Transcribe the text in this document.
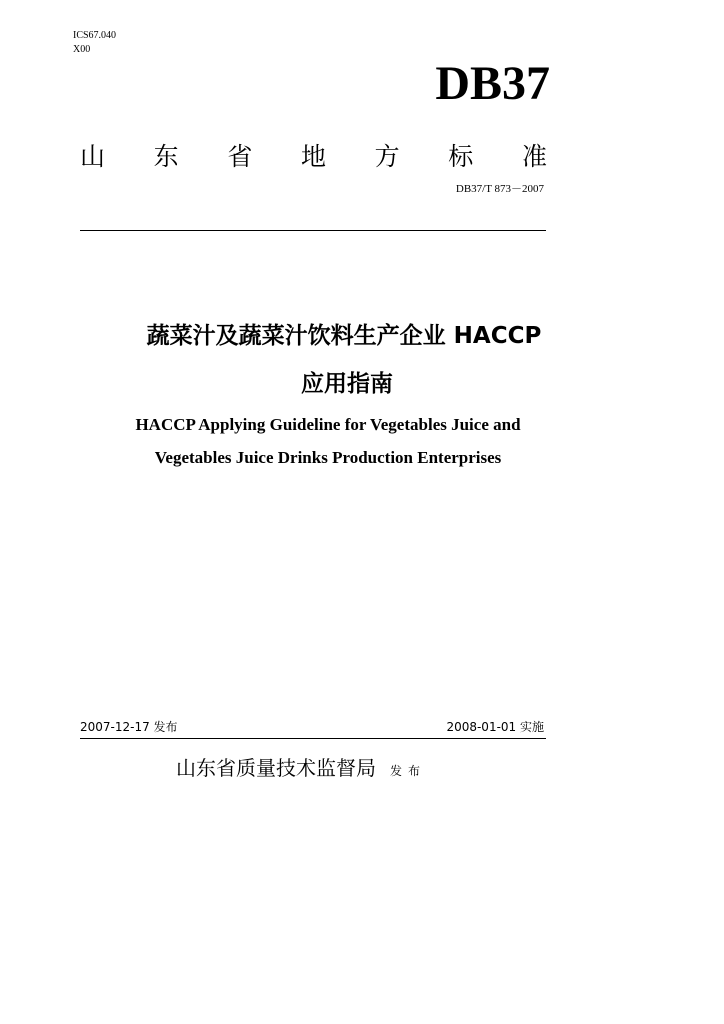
ICS67.040
X00
DB37
山 东 省 地 方 标 准
DB37/T 873－2007
蔬菜汁及蔬菜汁饮料生产企业 HACCP
应用指南
HACCP Applying Guideline for Vegetables Juice and
Vegetables Juice Drinks Production Enterprises
2007-12-17 发布	2008-01-01 实施
山东省质量技术监督局 发布
